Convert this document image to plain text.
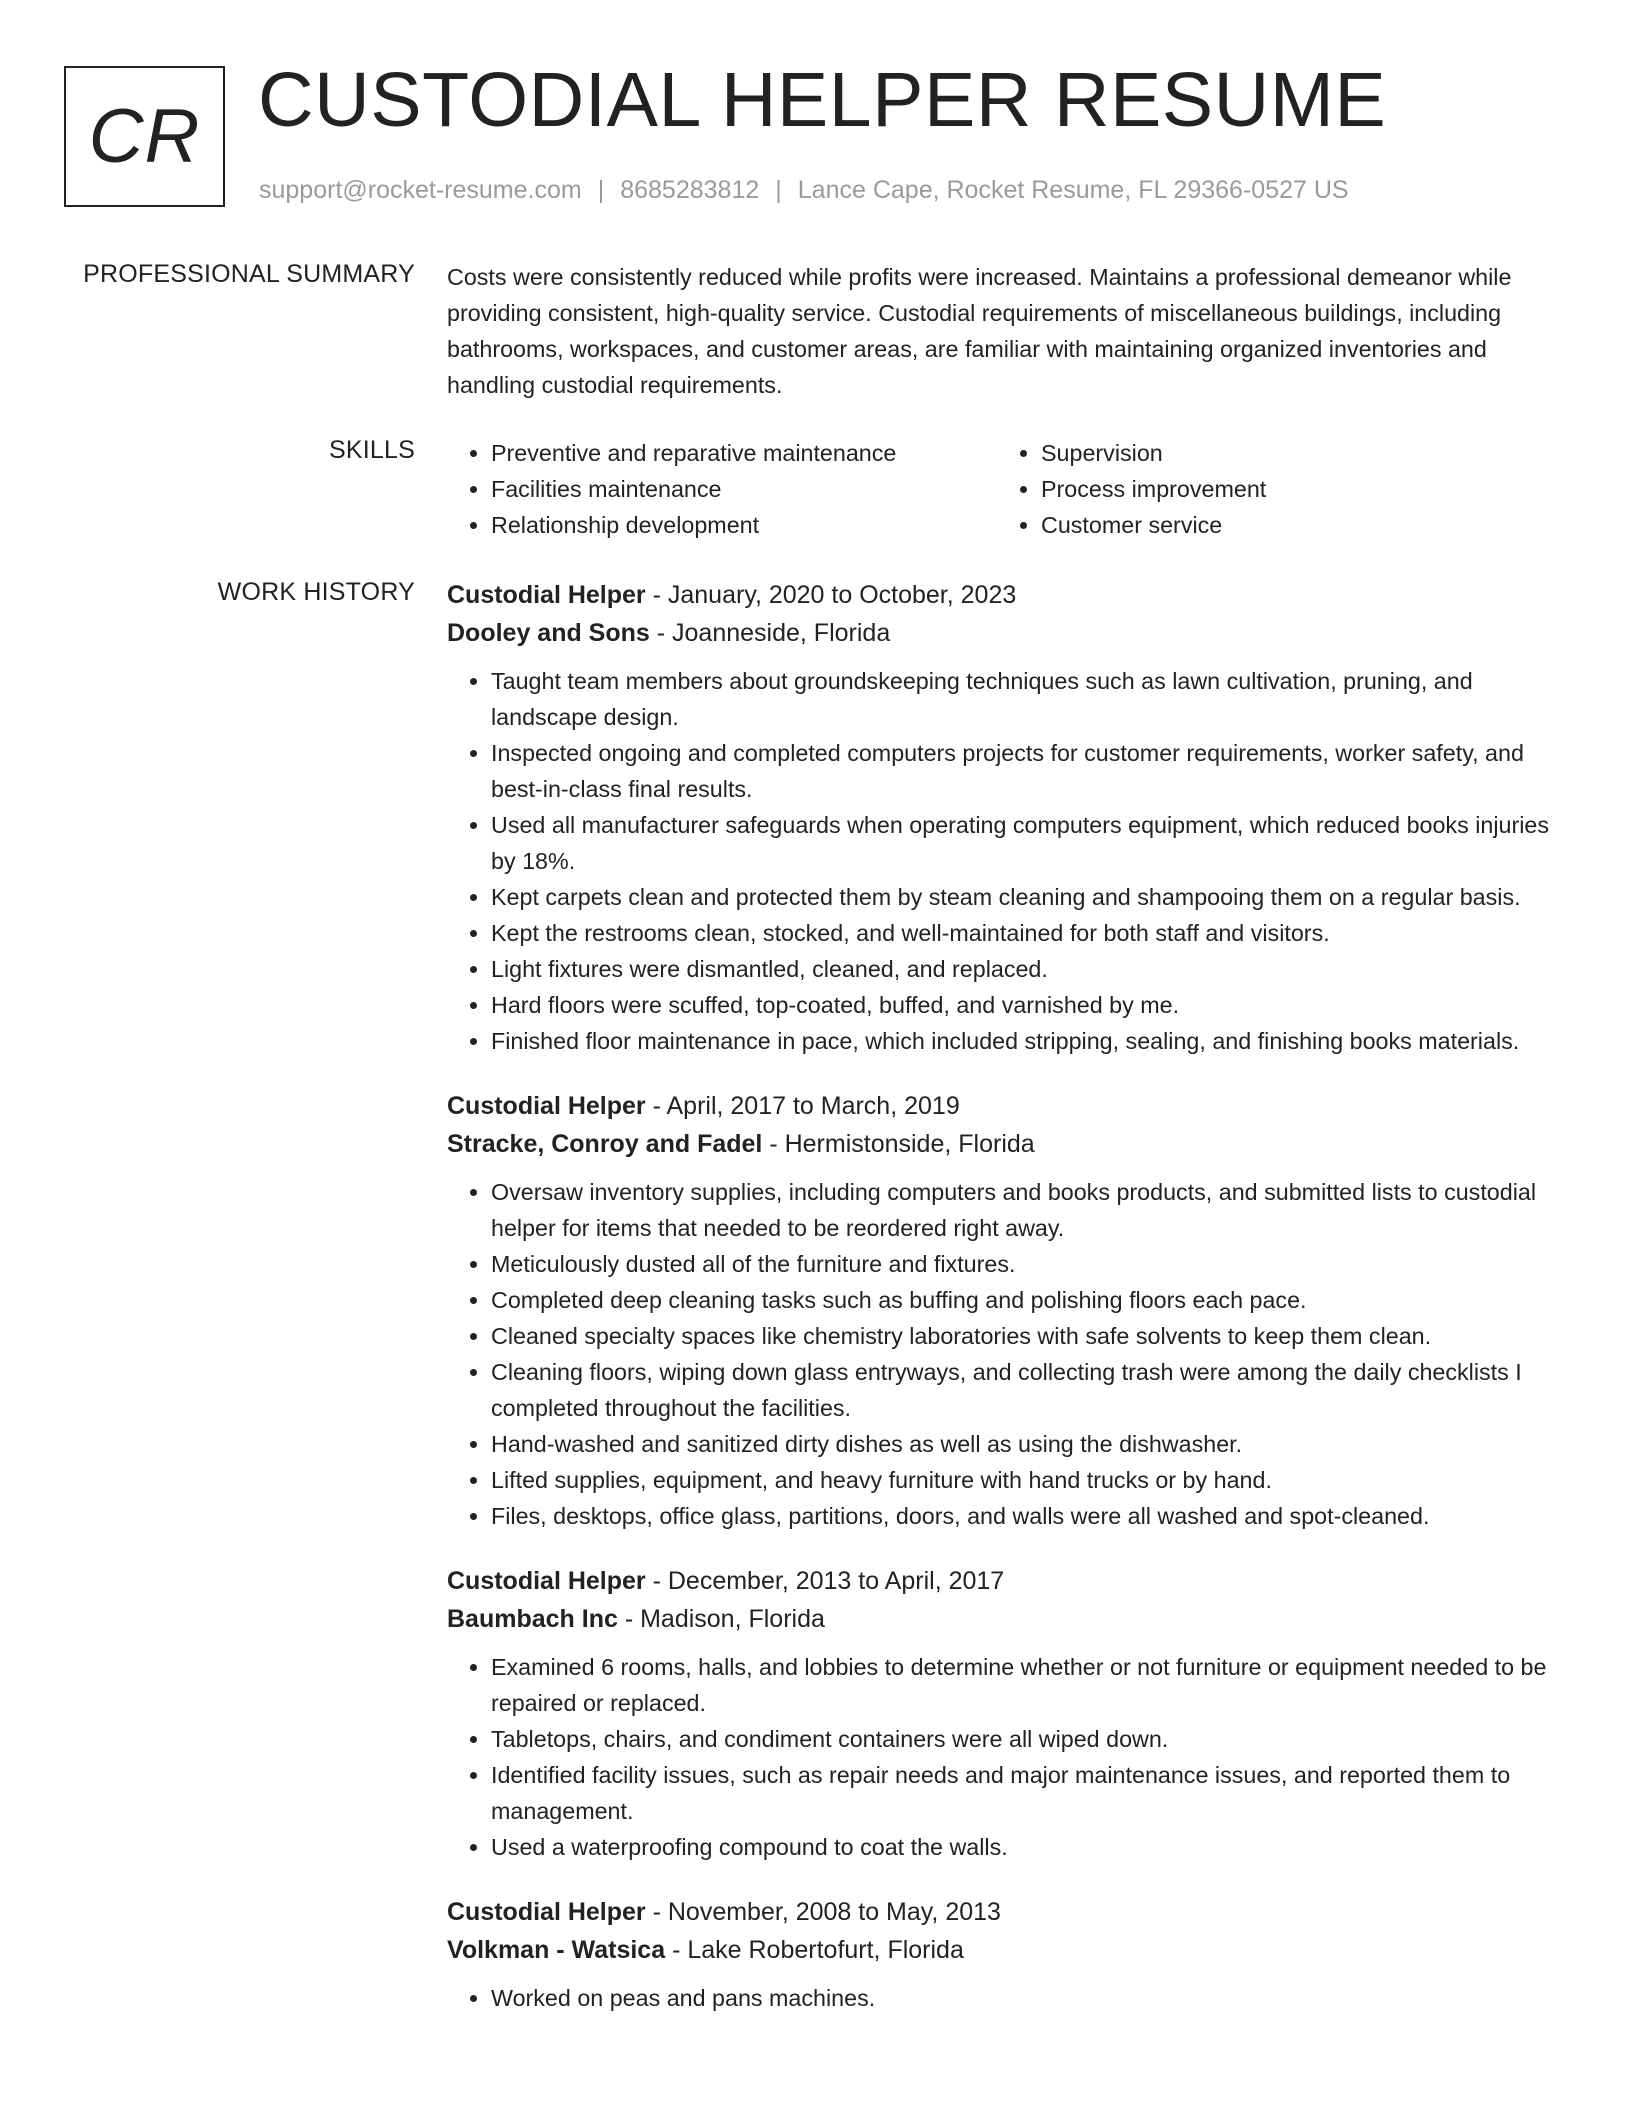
CR CUSTODIAL HELPER RESUME
support@rocket-resume.com | 8685283812 | Lance Cape, Rocket Resume, FL 29366-0527 US
PROFESSIONAL SUMMARY Costs were consistently reduced while profits were increased. Maintains a professional demeanor while providing consistent, high-quality service. Custodial requirements of miscellaneous buildings, including bathrooms, workspaces, and customer areas, are familiar with maintaining organized inventories and handling custodial requirements.

SKILLS
•	Preventive and reparative maintenance
• Facilities maintenance
• Relationship development
• Supervision
• Process improvement
• Customer service
WORK HISTORY Custodial Helper - January, 2020 to October, 2023
Dooley and Sons - Joanneside, Florida
• Taught team members about groundskeeping techniques such as lawn cultivation, pruning, and landscape design.
• Inspected ongoing and completed computers projects for customer requirements, worker safety, and best-in-class final results.
• Used all manufacturer safeguards when operating computers equipment, which reduced books injuries by 18%.
• Kept carpets clean and protected them by steam cleaning and shampooing them on a regular basis.
• Kept the restrooms clean, stocked, and well-maintained for both staff and visitors.
• Light fixtures were dismantled, cleaned, and replaced.
• Hard floors were scuffed, top-coated, buffed, and varnished by me.
• Finished floor maintenance in pace, which included stripping, sealing, and finishing books materials.
Custodial Helper - April, 2017 to March, 2019
Stracke, Conroy and Fadel - Hermistonside, Florida
• Oversaw inventory supplies, including computers and books products, and submitted lists to custodial helper for items that needed to be reordered right away.
• Meticulously dusted all of the furniture and fixtures.
• Completed deep cleaning tasks such as buffing and polishing floors each pace.
• Cleaned specialty spaces like chemistry laboratories with safe solvents to keep them clean.
• Cleaning floors, wiping down glass entryways, and collecting trash were among the daily checklists I completed throughout the facilities.
• Hand-washed and sanitized dirty dishes as well as using the dishwasher.
• Lifted supplies, equipment, and heavy furniture with hand trucks or by hand.
• Files, desktops, office glass, partitions, doors, and walls were all washed and spot-cleaned.
Custodial Helper - December, 2013 to April, 2017
Baumbach Inc - Madison, Florida
• Examined 6 rooms, halls, and lobbies to determine whether or not furniture or equipment needed to be repaired or replaced.
• Tabletops, chairs, and condiment containers were all wiped down.
• Identified facility issues, such as repair needs and major maintenance issues, and reported them to management.
• Used a waterproofing compound to coat the walls.
Custodial Helper - November, 2008 to May, 2013
Volkman - Watsica - Lake Robertofurt, Florida
• Worked on peas and pans machines.
